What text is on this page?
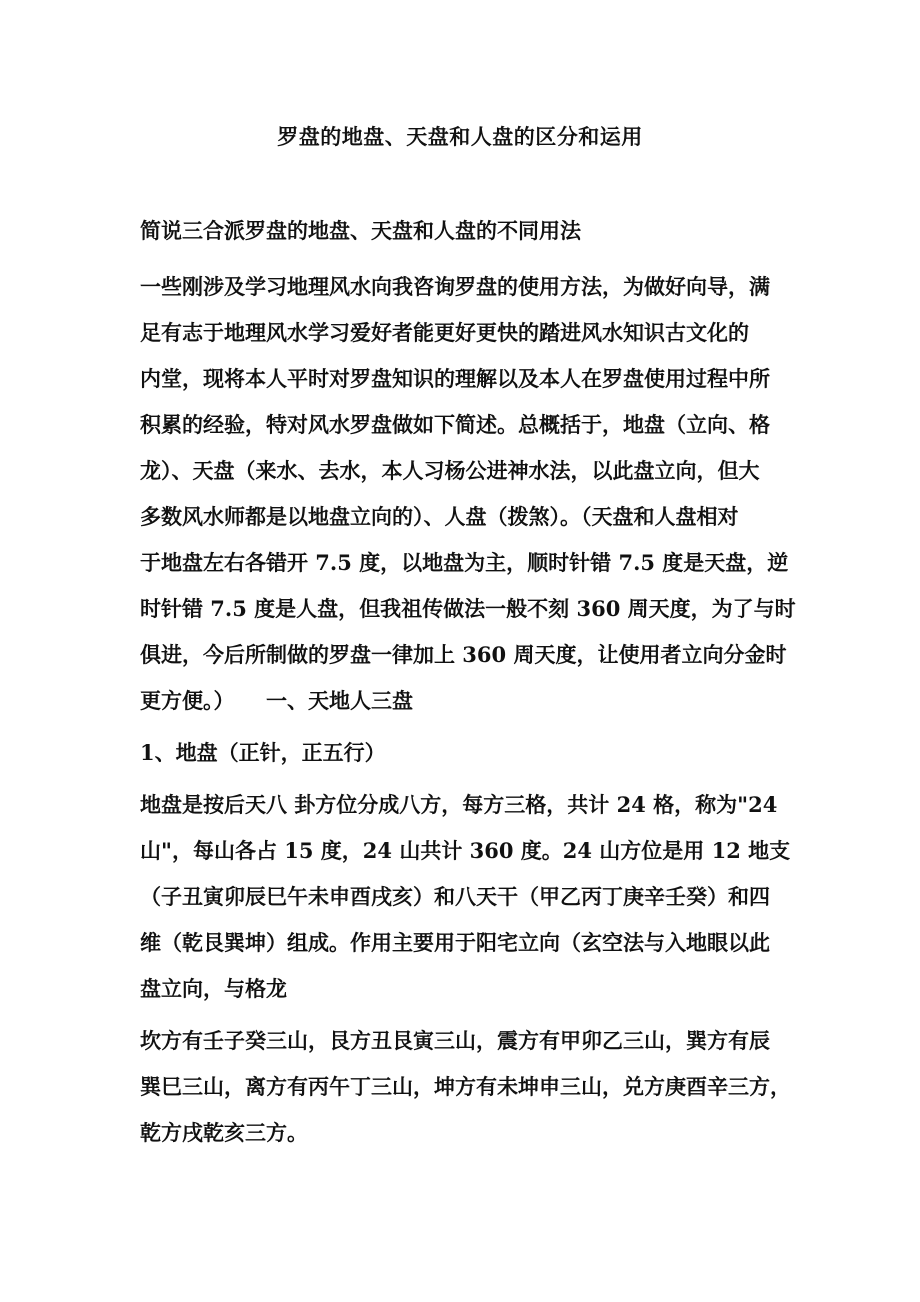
罗盘的地盘、天盘和人盘的区分和运用
简说三合派罗盘的地盘、天盘和人盘的不同用法
一些刚涉及学习地理风水向我咨询罗盘的使用方法，为做好向导，满
足有志于地理风水学习爱好者能更好更快的踏进风水知识古文化的
内堂，现将本人平时对罗盘知识的理解以及本人在罗盘使用过程中所
积累的经验，特对风水罗盘做如下简述。总概括于，地盘（立向、格
龙）、天盘（来水、去水，本人习杨公进神水法，以此盘立向，但大
多数风水师都是以地盘立向的）、人盘（拨煞）。（天盘和人盘相对
于地盘左右各错开 7.5 度，以地盘为主，顺时针错 7.5 度是天盘，逆
时针错 7.5 度是人盘，但我祖传做法一般不刻 360 周天度，为了与时
俱进，今后所制做的罗盘一律加上 360 周天度，让使用者立向分金时
更方便。）　　一、天地人三盘
1、地盘（正针，正五行）
地盘是按后天八 卦方位分成八方，每方三格，共计 24 格，称为"24
山"，每山各占 15 度，24 山共计 360 度。24 山方位是用 12 地支
（子丑寅卯辰巳午未申酉戌亥）和八天干（甲乙丙丁庚辛壬癸）和四
维（乾艮巽坤）组成。作用主要用于阳宅立向（玄空法与入地眼以此
盘立向，与格龙
坎方有壬子癸三山，艮方丑艮寅三山，震方有甲卯乙三山，巽方有辰
巽巳三山，离方有丙午丁三山，坤方有未坤申三山，兑方庚酉辛三方，
乾方戌乾亥三方。
